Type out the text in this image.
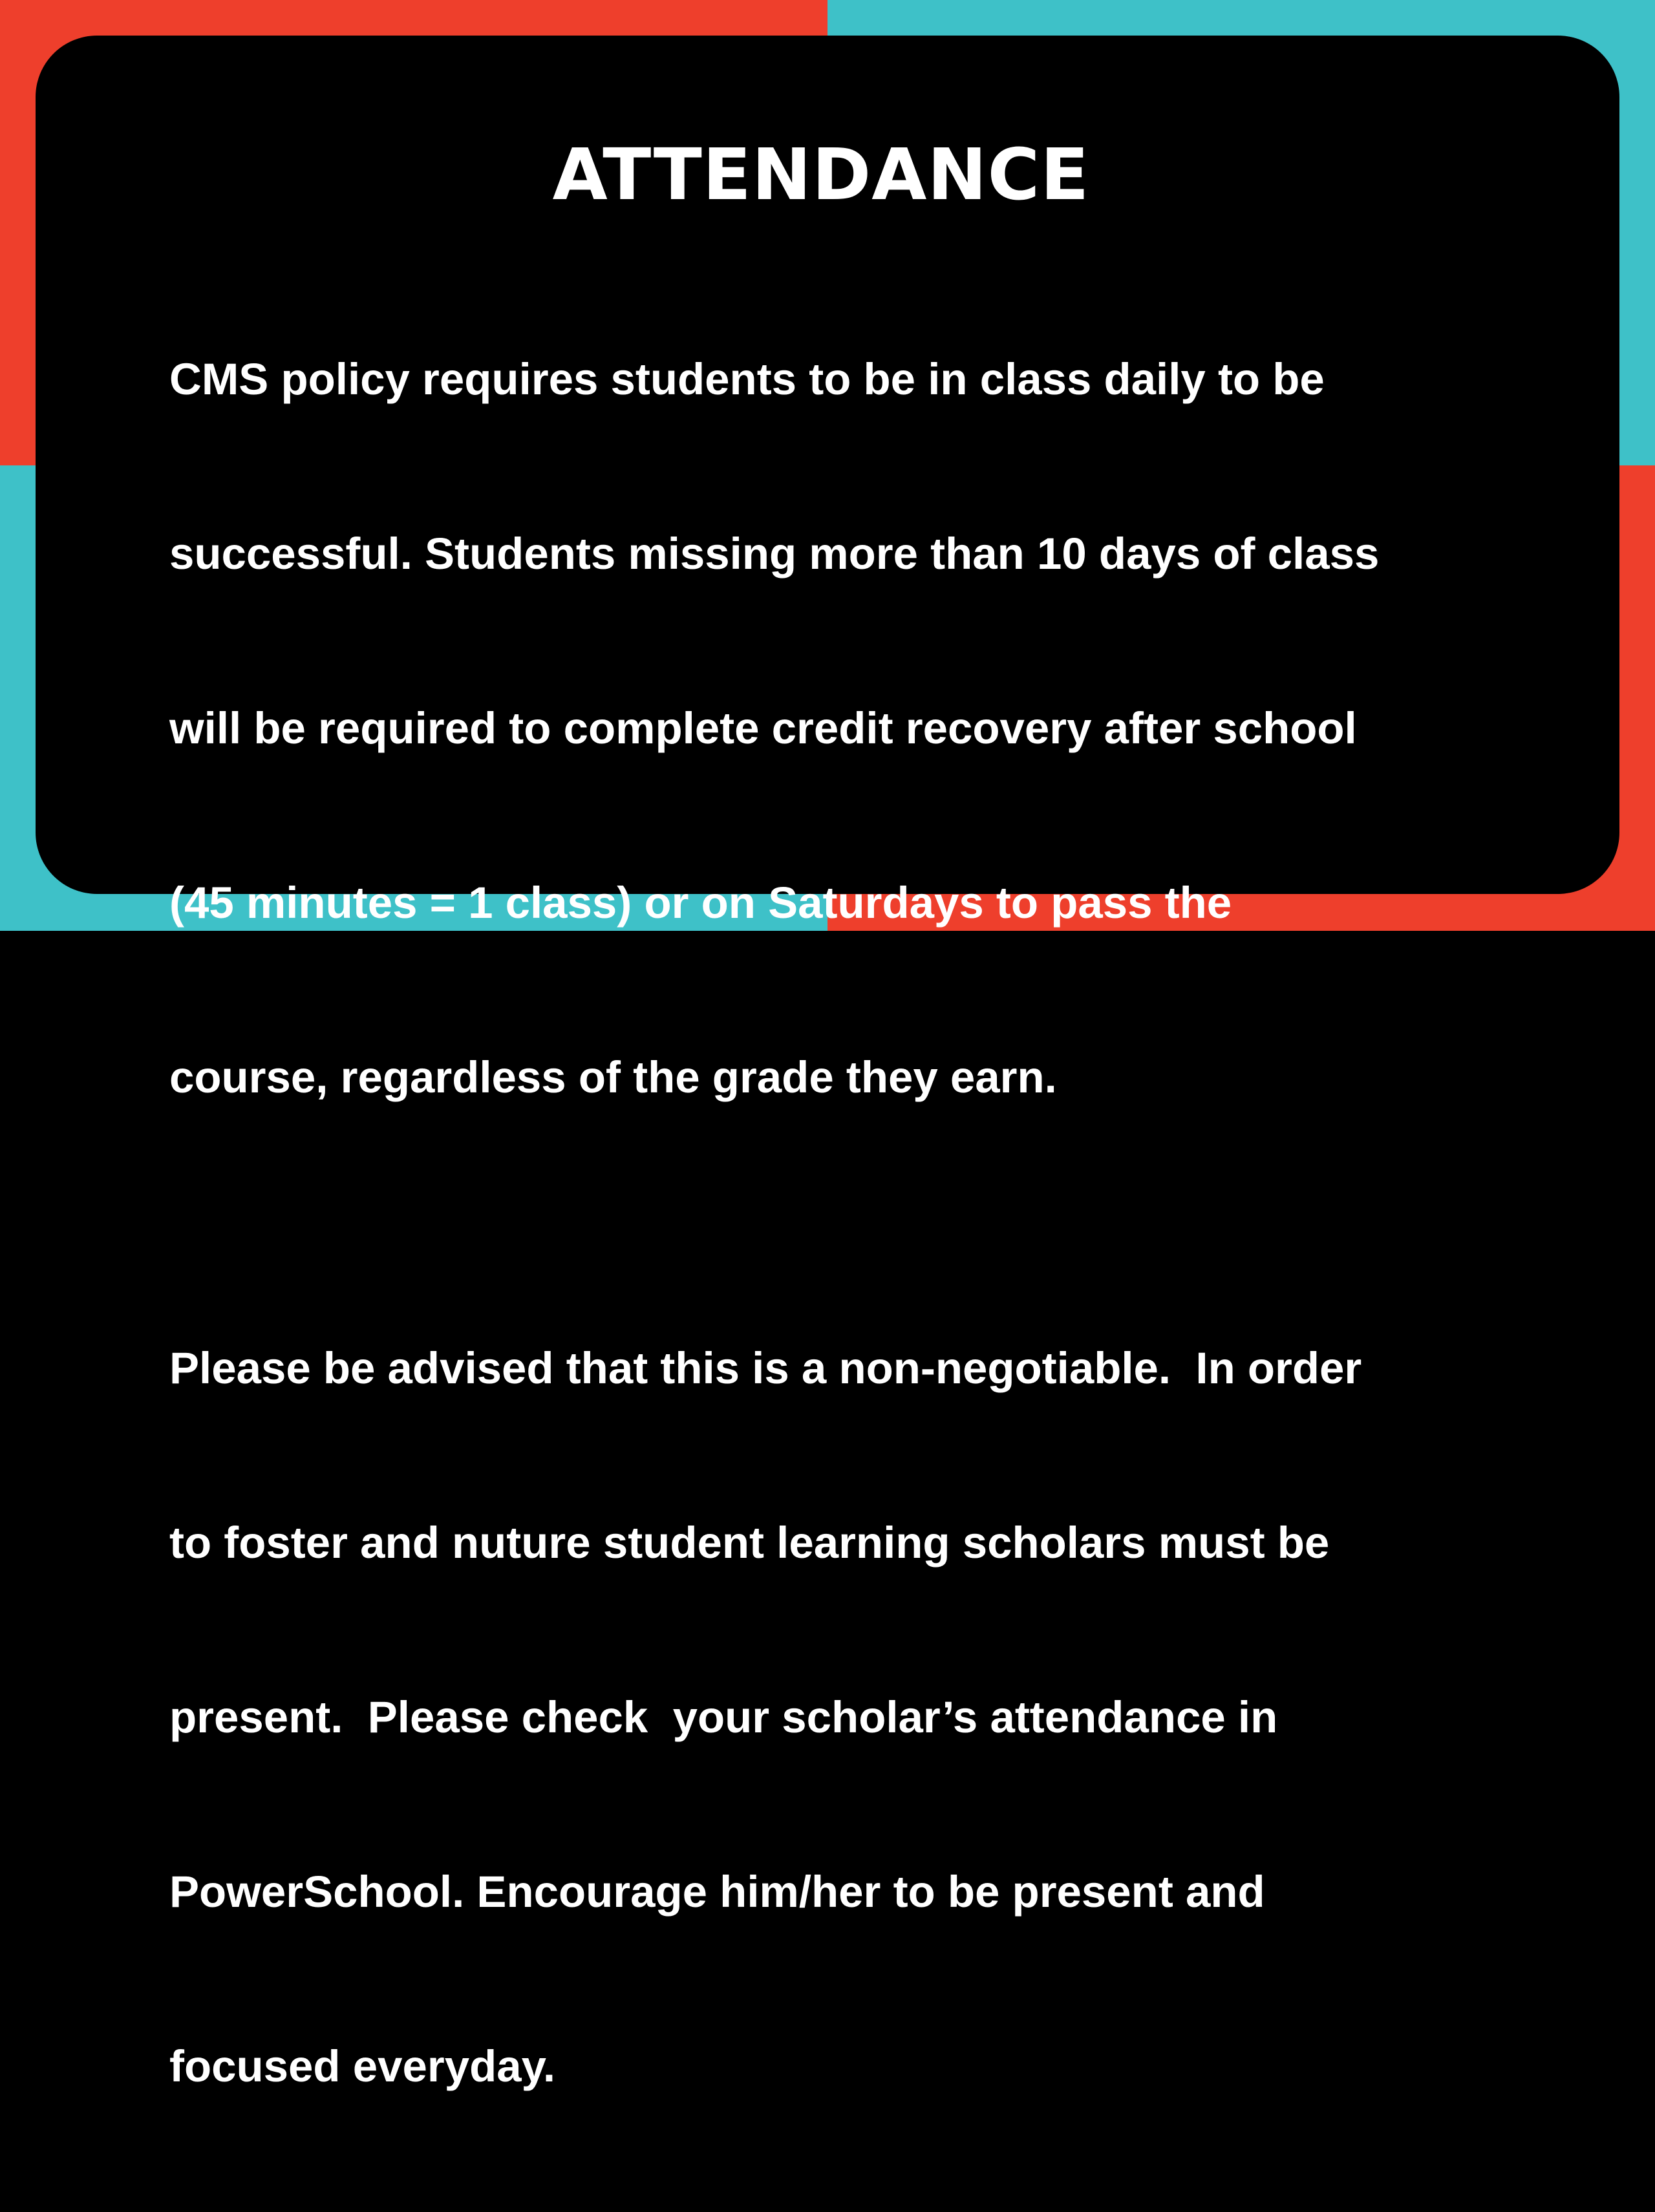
ATTENDANCE

CMS policy requires students to be in class daily to be

successful. Students missing more than 10 days of class

will be required to complete credit recovery after school

(45 minutes = 1 class) or on Saturdays to pass the

course, regardless of the grade they earn.

Please be advised that this is a non-negotiable.  In order

to foster and nuture student learning scholars must be

present.  Please check  your scholar’s attendance in

PowerSchool. Encourage him/her to be present and

focused everyday.
